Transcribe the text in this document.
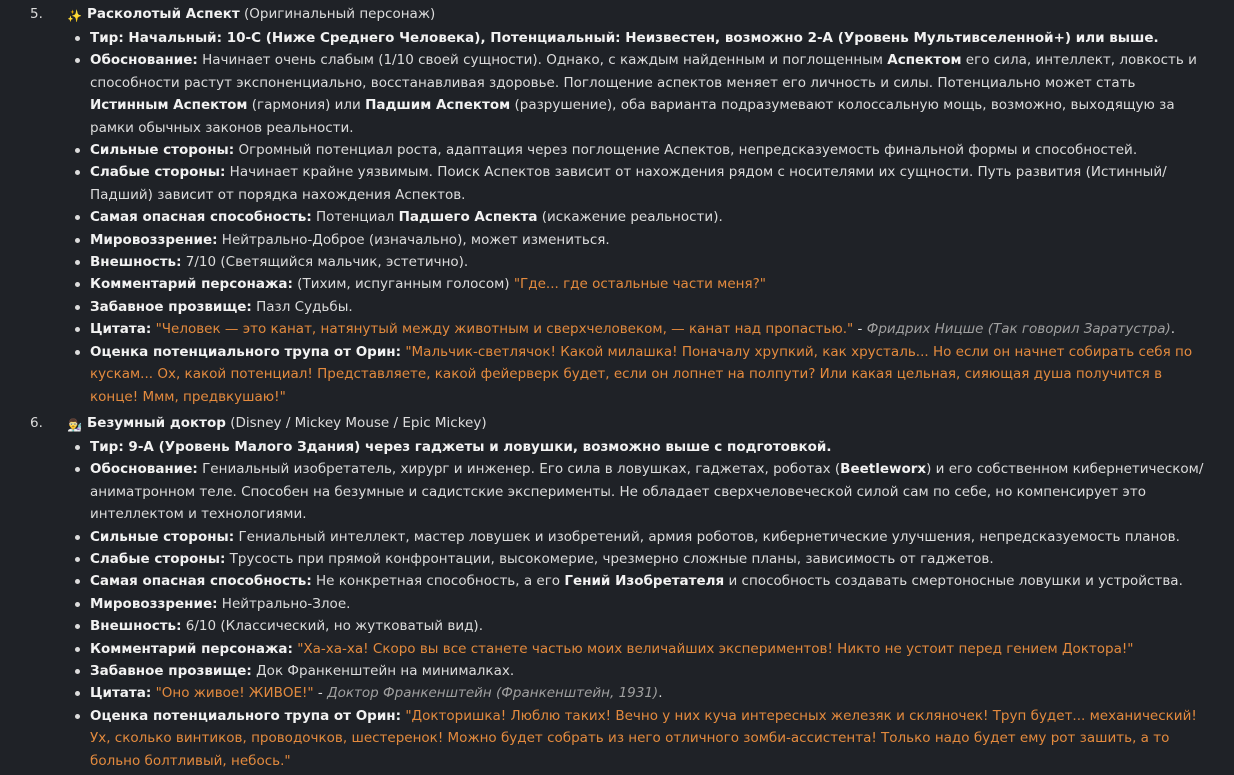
5. ✨ Расколотый Аспект (Оригинальный персонаж)
Тир: Начальный: 10-C (Ниже Среднего Человека), Потенциальный: Неизвестен, возможно 2-A (Уровень Мультивселенной+) или выше.
Обоснование: Начинает очень слабым (1/10 своей сущности). Однако, с каждым найденным и поглощенным Аспектом его сила, интеллект, ловкость и способности растут экспоненциально, восстанавливая здоровье. Поглощение аспектов меняет его личность и силы. Потенциально может стать Истинным Аспектом (гармония) или Падшим Аспектом (разрушение), оба варианта подразумевают колоссальную мощь, возможно, выходящую за рамки обычных законов реальности.
Сильные стороны: Огромный потенциал роста, адаптация через поглощение Аспектов, непредсказуемость финальной формы и способностей.
Слабые стороны: Начинает крайне уязвимым. Поиск Аспектов зависит от нахождения рядом с носителями их сущности. Путь развития (Истинный/Падший) зависит от порядка нахождения Аспектов.
Самая опасная способность: Потенциал Падшего Аспекта (искажение реальности).
Мировоззрение: Нейтрально-Доброе (изначально), может измениться.
Внешность: 7/10 (Светящийся мальчик, эстетично).
Комментарий персонажа: (Тихим, испуганным голосом) "Где... где остальные части меня?"
Забавное прозвище: Пазл Судьбы.
Цитата: "Человек — это канат, натянутый между животным и сверхчеловеком, — канат над пропастью." - Фридрих Ницше (Так говорил Заратустра).
Оценка потенциального трупа от Орин: "Мальчик-светлячок! Какой милашка! Поначалу хрупкий, как хрусталь... Но если он начнет собирать себя по кускам... Ох, какой потенциал! Представляете, какой фейерверк будет, если он лопнет на полпути? Или какая цельная, сияющая душа получится в конце! Ммм, предвкушаю!"
6. 👨‍🔬 Безумный доктор (Disney / Mickey Mouse / Epic Mickey)
Тир: 9-A (Уровень Малого Здания) через гаджеты и ловушки, возможно выше с подготовкой.
Обоснование: Гениальный изобретатель, хирург и инженер. Его сила в ловушках, гаджетах, роботах (Beetleworx) и его собственном кибернетическом/аниматронном теле. Способен на безумные и садистские эксперименты. Не обладает сверхчеловеческой силой сам по себе, но компенсирует это интеллектом и технологиями.
Сильные стороны: Гениальный интеллект, мастер ловушек и изобретений, армия роботов, кибернетические улучшения, непредсказуемость планов.
Слабые стороны: Трусость при прямой конфронтации, высокомерие, чрезмерно сложные планы, зависимость от гаджетов.
Самая опасная способность: Не конкретная способность, а его Гений Изобретателя и способность создавать смертоносные ловушки и устройства.
Мировоззрение: Нейтрально-Злое.
Внешность: 6/10 (Классический, но жутковатый вид).
Комментарий персонажа: "Ха-ха-ха! Скоро вы все станете частью моих величайших экспериментов! Никто не устоит перед гением Доктора!"
Забавное прозвище: Док Франкенштейн на минималках.
Цитата: "Оно живое! ЖИВОЕ!" - Доктор Франкенштейн (Франкенштейн, 1931).
Оценка потенциального трупа от Орин: "Докторишка! Люблю таких! Вечно у них куча интересных железяк и скляночек! Труп будет... механический! Ух, сколько винтиков, проводочков, шестеренок! Можно будет собрать из него отличного зомби-ассистента! Только надо будет ему рот зашить, а то больно болтливый, небось."
